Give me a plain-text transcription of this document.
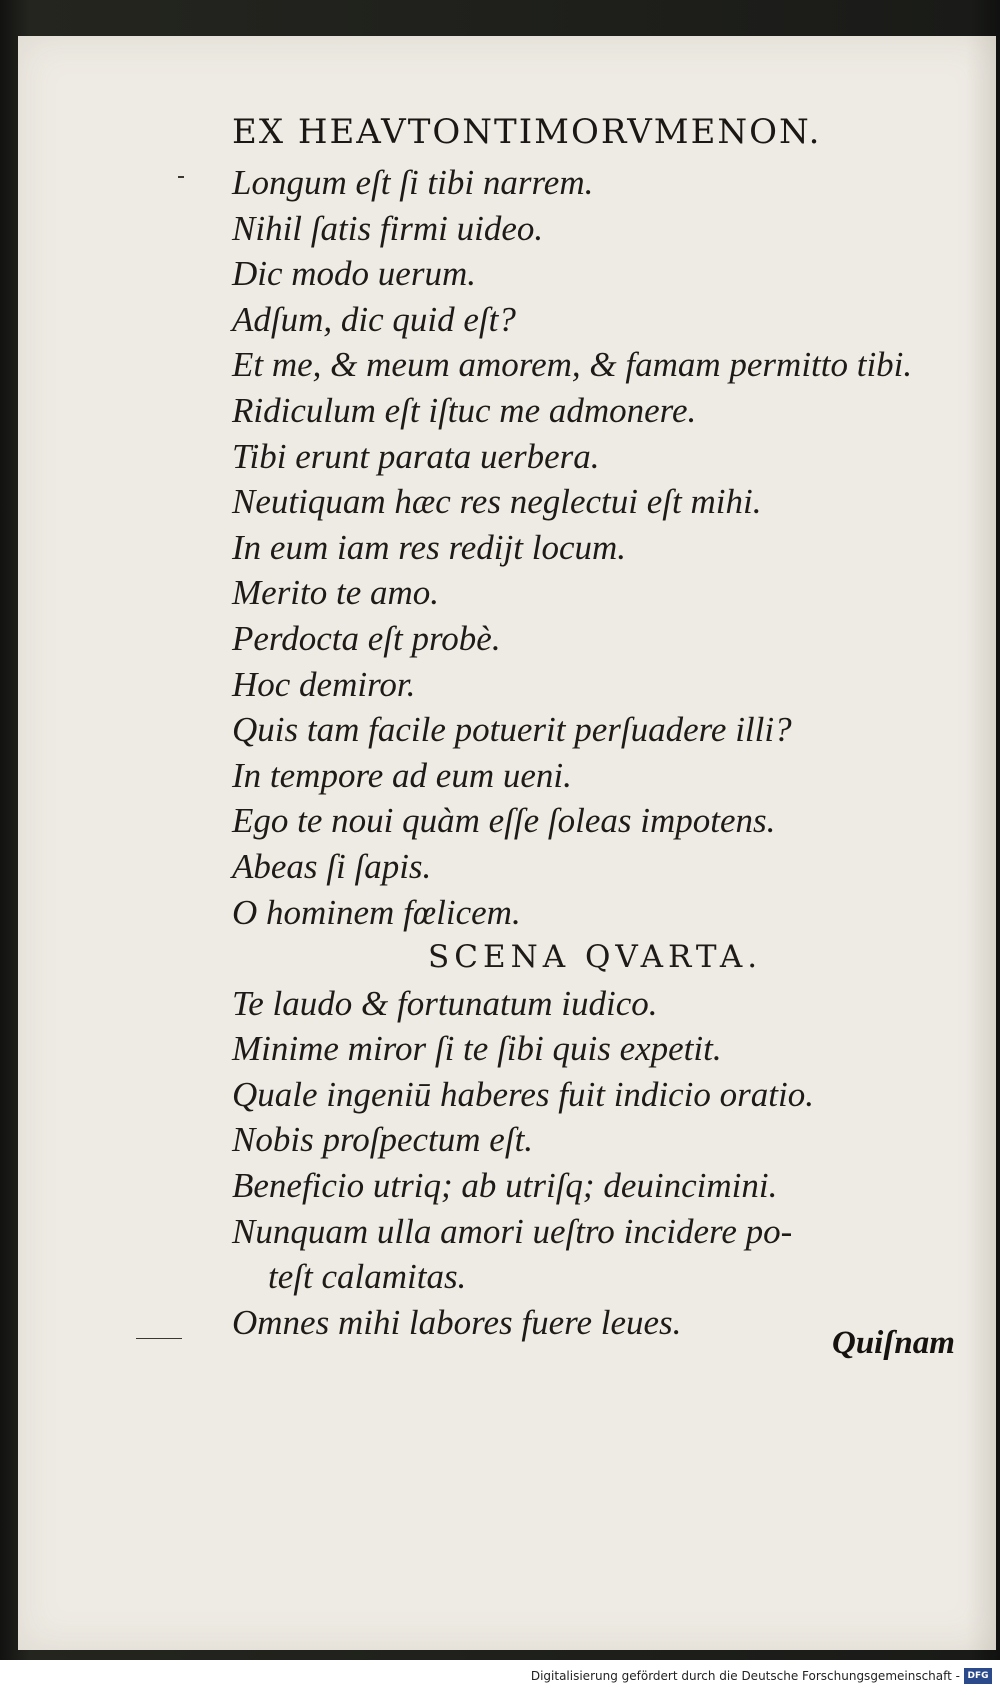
EX HEAVTONTIMORVMENON.
Longum eſt ſi tibi narrem.
Nihil ſatis firmi uideo.
Dic modo uerum.
Adſum, dic quid eſt?
Et me, & meum amorem, & famam permitto tibi.
Ridiculum eſt iſtuc me admonere.
Tibi erunt parata uerbera.
Neutiquam hæc res neglectui eſt mihi.
In eum iam res rediјt locum.
Merito te amo.
Perdocta eſt probè.
Hoc demiror.
Quis tam facile potuerit perſuadere illi?
In tempore ad eum ueni.
Ego te noui quàm eſſe ſoleas impotens.
Abeas ſi ſapis.
O hominem fœlicem.
SCENA QVARTA.
Te laudo & fortunatum iudico.
Minime miror ſi te ſibi quis expetit.
Quale ingeniū haberes fuit indicio oratio.
Nobis proſpectum eſt.
Beneficio utriq; ab utriſq; deuincimini.
Nunquam ulla amori ueſtro incidere po-
teſt calamitas.
Omnes mihi labores fuere leues.
Quiſnam
Digitalisierung gefördert durch die Deutsche Forschungsgemeinschaft - DFG
